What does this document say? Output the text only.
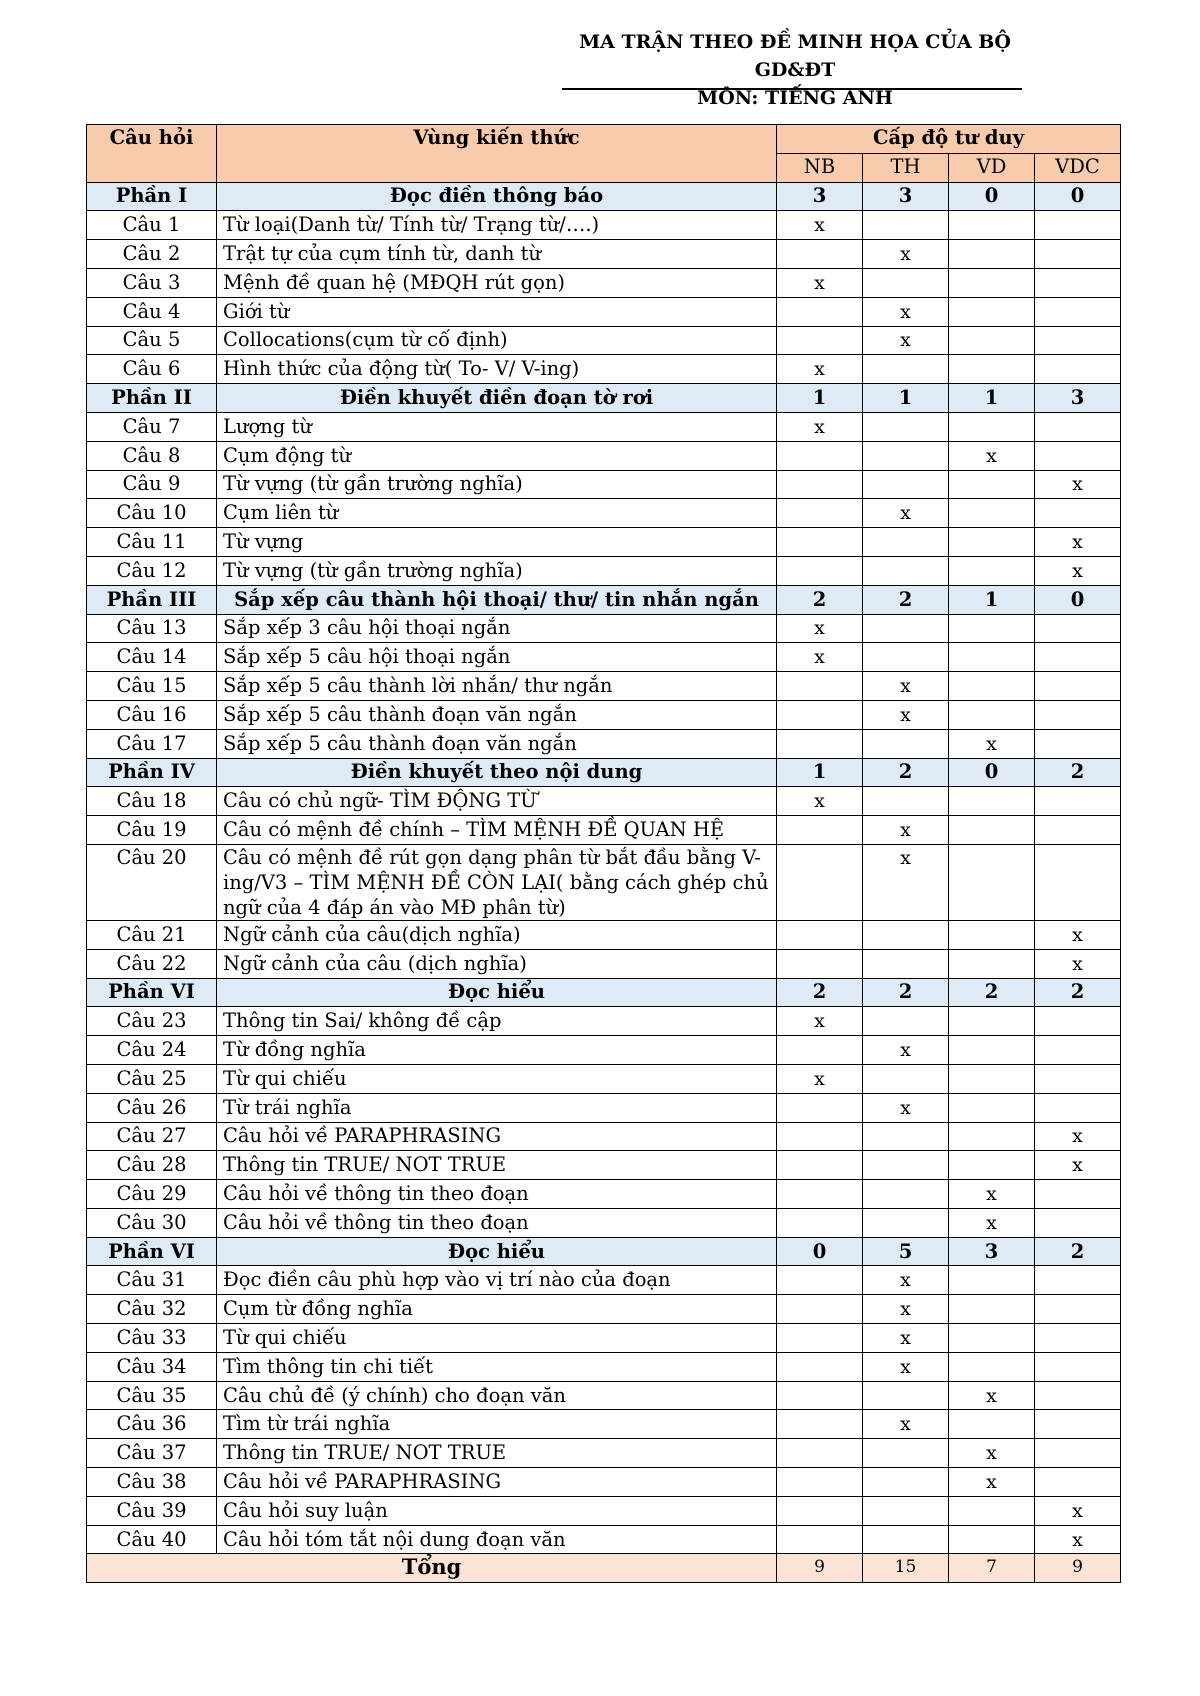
MA TRẬN THEO ĐỀ MINH HỌA CỦA BỘ GD&ĐT
MÔN: TIẾNG ANH
Câu hỏi	Vùng kiến thức	Cấp độ tư duy			
		NB	TH	VD	VDC
Phần I	Đọc điền thông báo	3	3	0	0
Câu 1	Từ loại(Danh từ/ Tính từ/ Trạng từ/….)	x			
Câu 2	Trật tự của cụm tính từ, danh từ		x		
Câu 3	Mệnh đề quan hệ (MĐQH rút gọn)	x			
Câu 4	Giới từ		x		
Câu 5	Collocations(cụm từ cố định)		x		
Câu 6	Hình thức của động từ( To- V/ V-ing)	x			
Phần II	Điền khuyết điền đoạn tờ rơi	1	1	1	3
Câu 7	Lượng từ	x			
Câu 8	Cụm động từ			x	
Câu 9	Từ vựng (từ gần trường nghĩa)				x
Câu 10	Cụm liên từ		x		
Câu 11	Từ vựng				x
Câu 12	Từ vựng (từ gần trường nghĩa)				x
Phần III	Sắp xếp câu thành hội thoại/ thư/ tin nhắn ngắn	2	2	1	0
Câu 13	Sắp xếp 3 câu hội thoại ngắn	x			
Câu 14	Sắp xếp 5 câu hội thoại ngắn	x			
Câu 15	Sắp xếp 5 câu thành lời nhắn/ thư ngắn		x		
Câu 16	Sắp xếp 5 câu thành đoạn văn ngắn		x		
Câu 17	Sắp xếp 5 câu thành đoạn văn ngắn			x	
Phần IV	Điền khuyết theo nội dung	1	2	0	2
Câu 18	Câu có chủ ngữ- TÌM ĐỘNG TỪ	x			
Câu 19	Câu có mệnh đề chính – TÌM MỆNH ĐỀ QUAN HỆ		x		
Câu 20	Câu có mệnh đề rút gọn dạng phân từ bắt đầu bằng V-ing/V3 – TÌM MỆNH ĐỀ CÒN LẠI( bằng cách ghép chủ ngữ của 4 đáp án vào MĐ phân từ)		x		
Câu 21	Ngữ cảnh của câu(dịch nghĩa)				x
Câu 22	Ngữ cảnh của câu (dịch nghĩa)				x
Phần VI	Đọc hiểu	2	2	2	2
Câu 23	Thông tin Sai/ không đề cập	x			
Câu 24	Từ đồng nghĩa		x		
Câu 25	Từ qui chiếu	x			
Câu 26	Từ trái nghĩa		x		
Câu 27	Câu hỏi về PARAPHRASING				x
Câu 28	Thông tin TRUE/ NOT TRUE				x
Câu 29	Câu hỏi về thông tin theo đoạn			x	
Câu 30	Câu hỏi về thông tin theo đoạn			x	
Phần VI	Đọc hiểu	0	5	3	2
Câu 31	Đọc điền câu phù hợp vào vị trí nào của đoạn		x		
Câu 32	Cụm từ đồng nghĩa		x		
Câu 33	Từ qui chiếu		x		
Câu 34	Tìm thông tin chi tiết		x		
Câu 35	Câu chủ đề (ý chính) cho đoạn văn			x	
Câu 36	Tìm từ trái nghĩa		x		
Câu 37	Thông tin TRUE/ NOT TRUE			x	
Câu 38	Câu hỏi về PARAPHRASING			x	
Câu 39	Câu hỏi suy luận				x
Câu 40	Câu hỏi tóm tắt nội dung đoạn văn				x
Tổng		9	15	7	9
